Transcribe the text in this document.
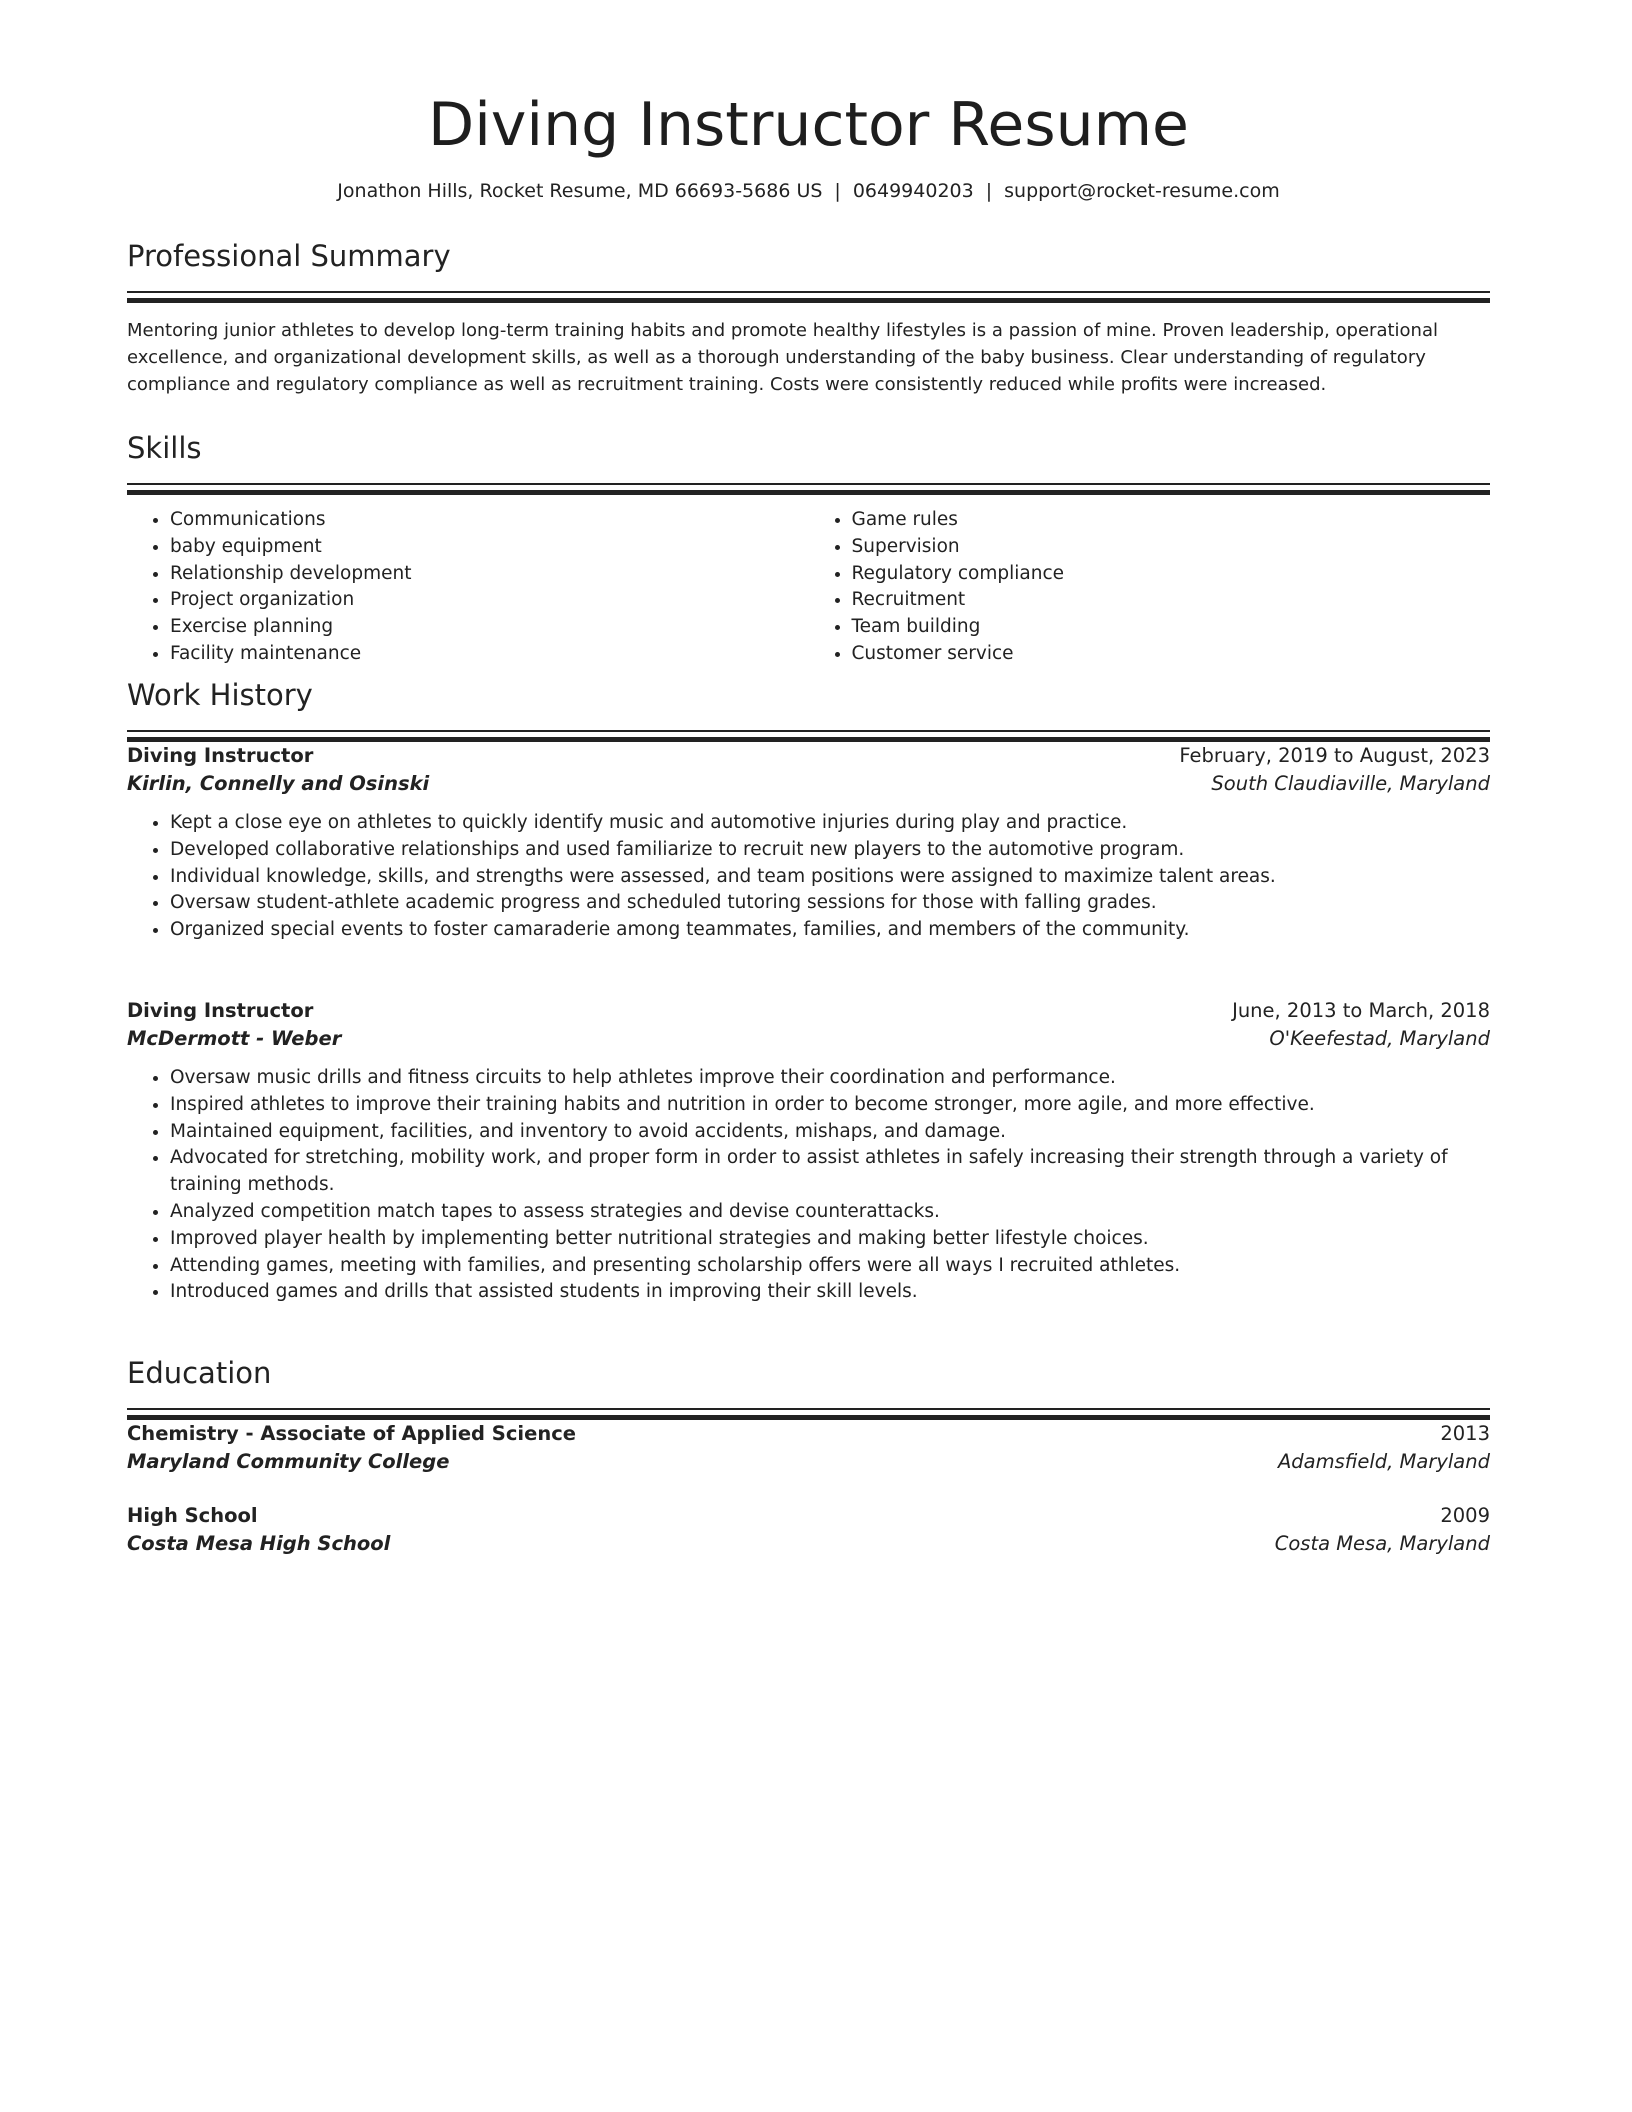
Diving Instructor Resume
Jonathon Hills, Rocket Resume, MD 66693-5686 US | 0649940203 | support@rocket-resume.com
Professional Summary
Mentoring junior athletes to develop long-term training habits and promote healthy lifestyles is a passion of mine. Proven leadership, operational excellence, and organizational development skills, as well as a thorough understanding of the baby business. Clear understanding of regulatory compliance and regulatory compliance as well as recruitment training. Costs were consistently reduced while profits were increased.
Skills
• Communications
• baby equipment
• Relationship development
• Project organization
• Exercise planning
• Facility maintenance
• Game rules
• Supervision
• Regulatory compliance
• Recruitment
• Team building
• Customer service
Work History
Diving Instructor	February, 2019 to August, 2023
Kirlin, Connelly and Osinski	South Claudiaville, Maryland
• Kept a close eye on athletes to quickly identify music and automotive injuries during play and practice.
• Developed collaborative relationships and used familiarize to recruit new players to the automotive program.
• Individual knowledge, skills, and strengths were assessed, and team positions were assigned to maximize talent areas.
• Oversaw student-athlete academic progress and scheduled tutoring sessions for those with falling grades.
• Organized special events to foster camaraderie among teammates, families, and members of the community.
Diving Instructor	June, 2013 to March, 2018
McDermott - Weber	O'Keefestad, Maryland
• Oversaw music drills and fitness circuits to help athletes improve their coordination and performance.
• Inspired athletes to improve their training habits and nutrition in order to become stronger, more agile, and more effective.
• Maintained equipment, facilities, and inventory to avoid accidents, mishaps, and damage.
• Advocated for stretching, mobility work, and proper form in order to assist athletes in safely increasing their strength through a variety of training methods.
• Analyzed competition match tapes to assess strategies and devise counterattacks.
• Improved player health by implementing better nutritional strategies and making better lifestyle choices.
• Attending games, meeting with families, and presenting scholarship offers were all ways I recruited athletes.
• Introduced games and drills that assisted students in improving their skill levels.
Education
Chemistry - Associate of Applied Science	2013
Maryland Community College	Adamsfield, Maryland
High School	2009
Costa Mesa High School	Costa Mesa, Maryland
